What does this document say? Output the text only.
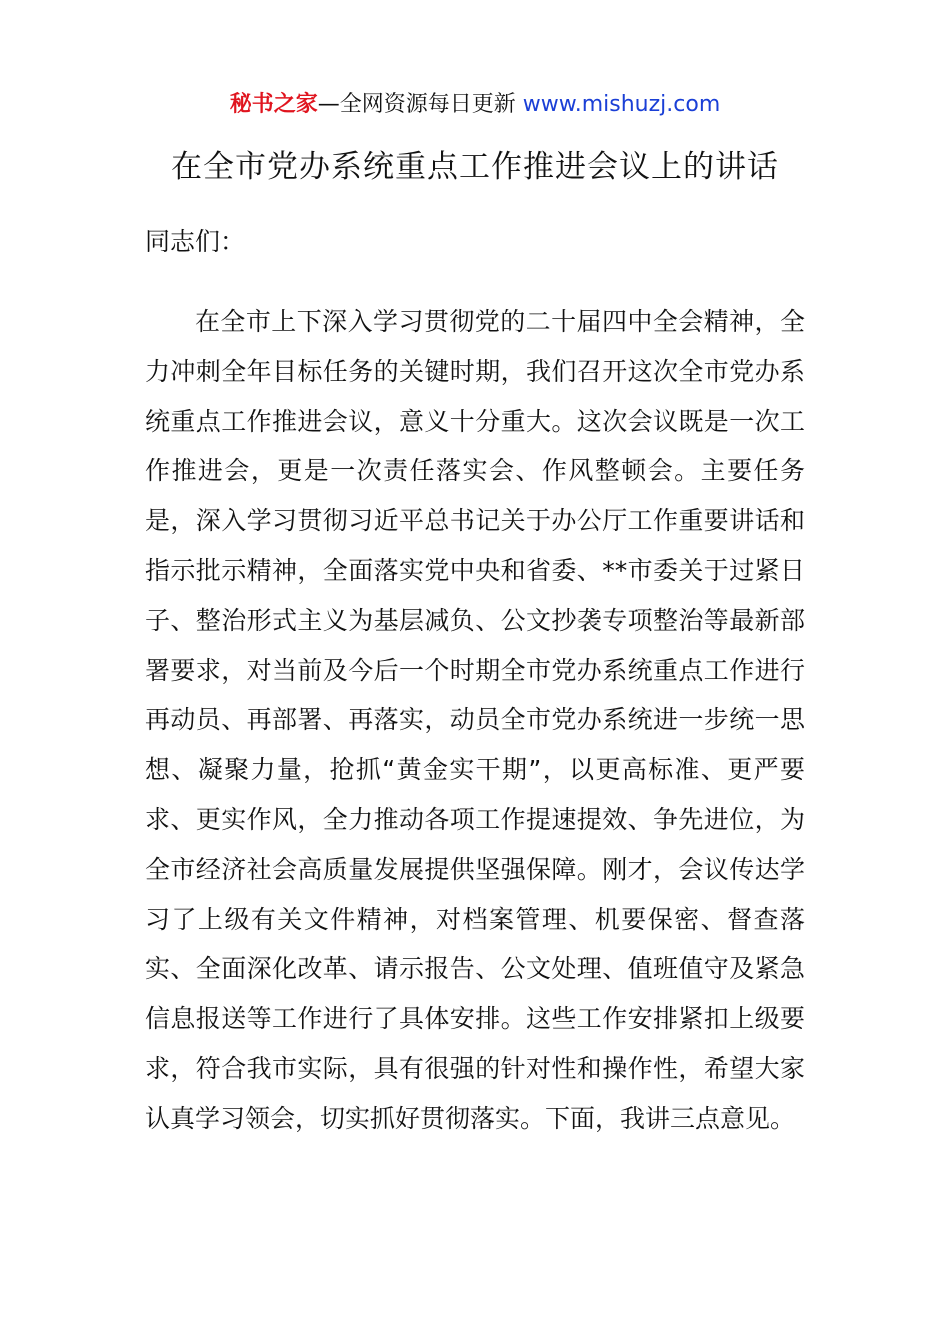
秘书之家—全网资源每日更新 www.mishuzj.com
在全市党办系统重点工作推进会议上的讲话
同志们：

在全市上下深入学习贯彻党的二十届四中全会精神，全力冲刺全年目标任务的关键时期，我们召开这次全市党办系统重点工作推进会议，意义十分重大。这次会议既是一次工作推进会，更是一次责任落实会、作风整顿会。主要任务是，深入学习贯彻习近平总书记关于办公厅工作重要讲话和指示批示精神，全面落实党中央和省委、**市委关于过紧日子、整治形式主义为基层减负、公文抄袭专项整治等最新部署要求，对当前及今后一个时期全市党办系统重点工作进行再动员、再部署、再落实，动员全市党办系统进一步统一思想、凝聚力量，抢抓“黄金实干期”，以更高标准、更严要求、更实作风，全力推动各项工作提速提效、争先进位，为全市经济社会高质量发展提供坚强保障。刚才，会议传达学习了上级有关文件精神，对档案管理、机要保密、督查落实、全面深化改革、请示报告、公文处理、值班值守及紧急信息报送等工作进行了具体安排。这些工作安排紧扣上级要求，符合我市实际，具有很强的针对性和操作性，希望大家认真学习领会，切实抓好贯彻落实。下面，我讲三点意见。
